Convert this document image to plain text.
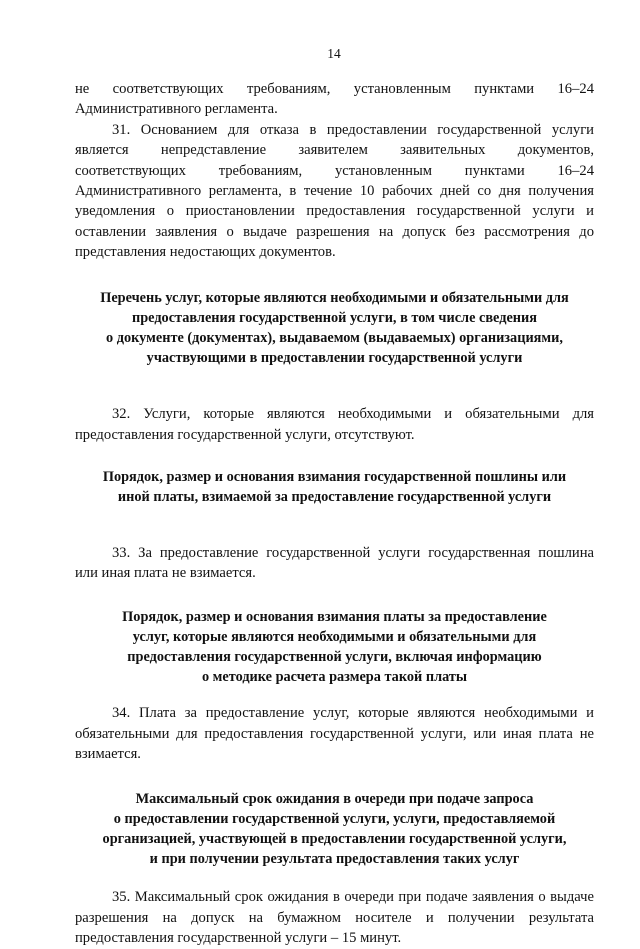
14

не соответствующих требованиям, установленным пунктами 16–24 Административного регламента.

31. Основанием для отказа в предоставлении государственной услуги является непредставление заявителем заявительных документов, соответствующих требованиям, установленным пунктами 16–24 Административного регламента, в течение 10 рабочих дней со дня получения уведомления о приостановлении предоставления государственной услуги и оставлении заявления о выдаче разрешения на допуск без рассмотрения до представления недостающих документов.

Перечень услуг, которые являются необходимыми и обязательными для
предоставления государственной услуги, в том числе сведения
о документе (документах), выдаваемом (выдаваемых) организациями,
участвующими в предоставлении государственной услуги

32. Услуги, которые являются необходимыми и обязательными для предоставления государственной услуги, отсутствуют.

Порядок, размер и основания взимания государственной пошлины или
иной платы, взимаемой за предоставление государственной услуги

33. За предоставление государственной услуги государственная пошлина или иная плата не взимается.

Порядок, размер и основания взимания платы за предоставление
услуг, которые являются необходимыми и обязательными для
предоставления государственной услуги, включая информацию
о методике расчета размера такой платы

34. Плата за предоставление услуг, которые являются необходимыми и обязательными для предоставления государственной услуги, или иная плата не взимается.

Максимальный срок ожидания в очереди при подаче запроса
о предоставлении государственной услуги, услуги, предоставляемой
организацией, участвующей в предоставлении государственной услуги,
и при получении результата предоставления таких услуг

35. Максимальный срок ожидания в очереди при подаче заявления о выдаче разрешения на допуск на бумажном носителе и получении результата предоставления государственной услуги – 15 минут.
